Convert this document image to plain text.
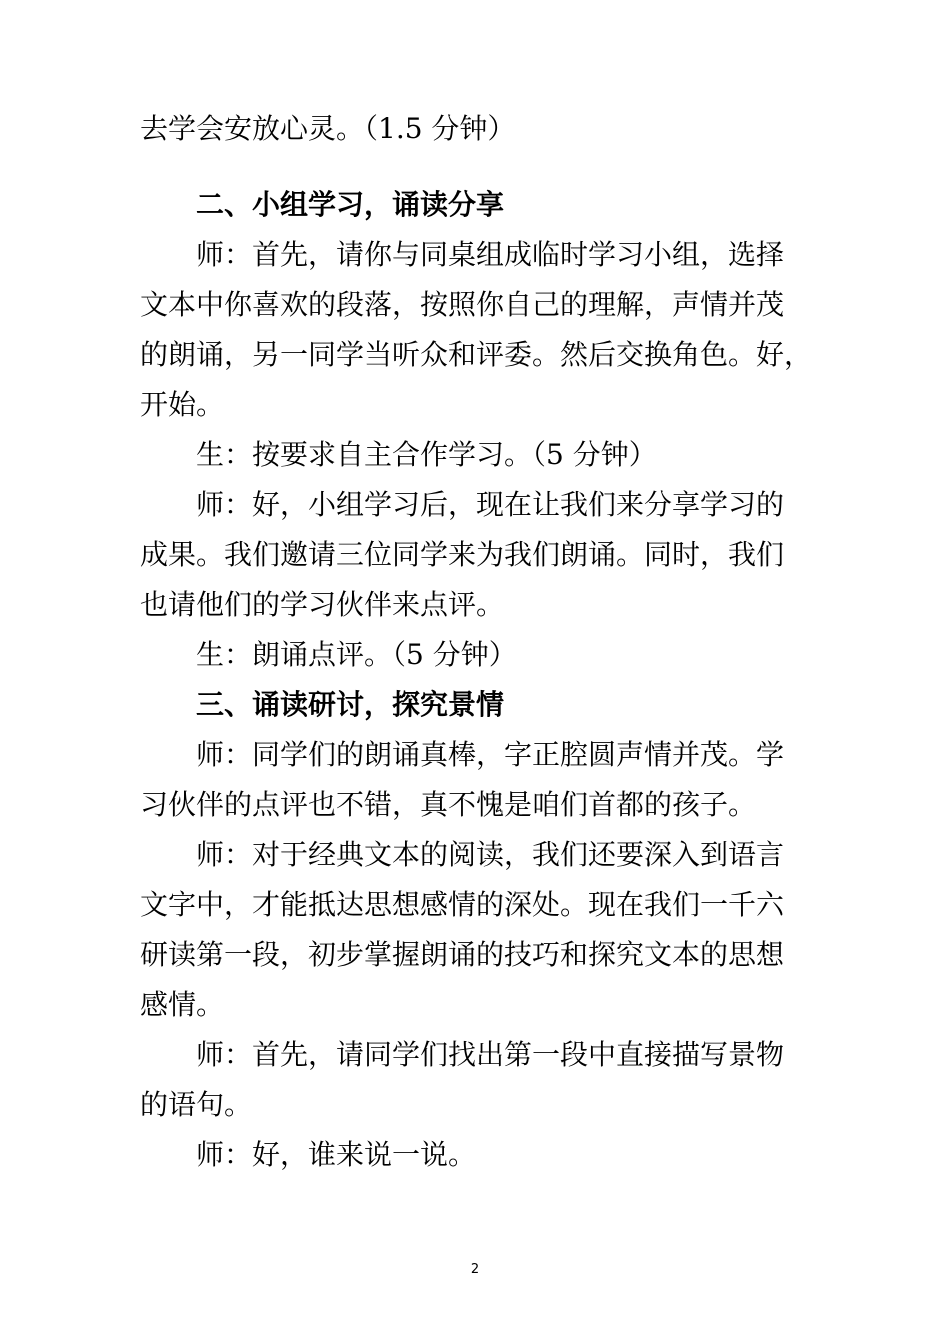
去学会安放心灵。（1.5 分钟）
二、小组学习，诵读分享
师：首先，请你与同桌组成临时学习小组，选择
文本中你喜欢的段落，按照你自己的理解，声情并茂
的朗诵，另一同学当听众和评委。然后交换角色。好，
开始。
生：按要求自主合作学习。（5 分钟）
师：好，小组学习后，现在让我们来分享学习的
成果。我们邀请三位同学来为我们朗诵。同时，我们
也请他们的学习伙伴来点评。
生：朗诵点评。（5 分钟）
三、诵读研讨，探究景情
师：同学们的朗诵真棒，字正腔圆声情并茂。学
习伙伴的点评也不错，真不愧是咱们首都的孩子。
师：对于经典文本的阅读，我们还要深入到语言
文字中，才能抵达思想感情的深处。现在我们一千六
研读第一段，初步掌握朗诵的技巧和探究文本的思想
感情。
师：首先，请同学们找出第一段中直接描写景物
的语句。
师：好，谁来说一说。
2
